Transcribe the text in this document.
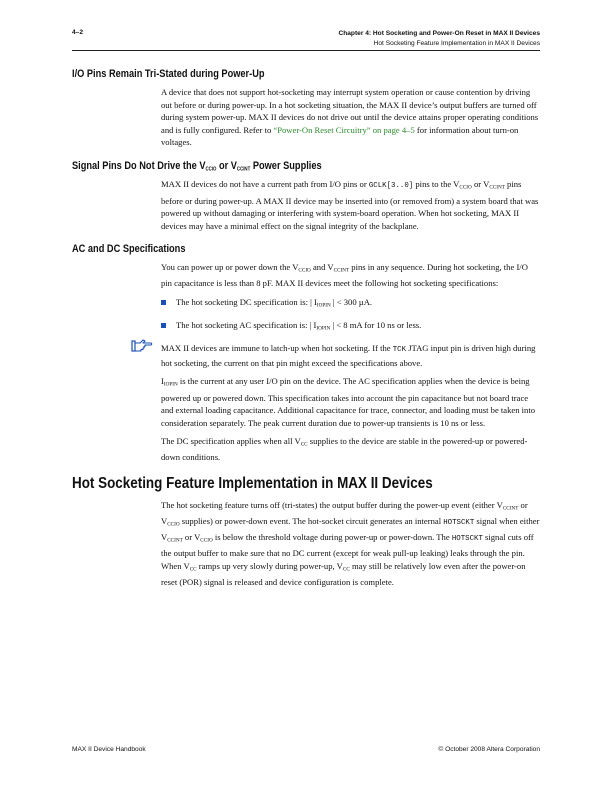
4–2	Chapter 4: Hot Socketing and Power-On Reset in MAX II Devices
Hot Socketing Feature Implementation in MAX II Devices
I/O Pins Remain Tri-Stated during Power-Up

A device that does not support hot-socketing may interrupt system operation or cause contention by driving out before or during power-up. In a hot socketing situation, the MAX II device’s output buffers are turned off during system power-up. MAX II devices do not drive out until the device attains proper operating conditions and is fully configured. Refer to “Power-On Reset Circuitry” on page 4–5 for information about turn-on voltages.

Signal Pins Do Not Drive the VCCIO or VCCINT Power Supplies

MAX II devices do not have a current path from I/O pins or GCLK[3..0] pins to the VCCIO or VCCINT pins before or during power-up. A MAX II device may be inserted into (or removed from) a system board that was powered up without damaging or interfering with system-board operation. When hot socketing, MAX II devices may have a minimal effect on the signal integrity of the backplane.

AC and DC Specifications

You can power up or power down the VCCIO and VCCINT pins in any sequence. During hot socketing, the I/O pin capacitance is less than 8 pF. MAX II devices meet the following hot socketing specifications:

The hot socketing DC specification is: | IIOPIN | < 300 µA.
The hot socketing AC specification is: | IIOPIN | < 8 mA for 10 ns or less.

MAX II devices are immune to latch-up when hot socketing. If the TCK JTAG input pin is driven high during hot socketing, the current on that pin might exceed the specifications above.

IIOPIN is the current at any user I/O pin on the device. The AC specification applies when the device is being powered up or powered down. This specification takes into account the pin capacitance but not board trace and external loading capacitance. Additional capacitance for trace, connector, and loading must be taken into consideration separately. The peak current duration due to power-up transients is 10 ns or less.

The DC specification applies when all VCC supplies to the device are stable in the powered-up or powered-down conditions.

Hot Socketing Feature Implementation in MAX II Devices

The hot socketing feature turns off (tri-states) the output buffer during the power-up event (either VCCINT or VCCIO supplies) or power-down event. The hot-socket circuit generates an internal HOTSCKT signal when either VCCINT or VCCIO is below the threshold voltage during power-up or power-down. The HOTSCKT signal cuts off the output buffer to make sure that no DC current (except for weak pull-up leaking) leaks through the pin. When VCC ramps up very slowly during power-up, VCC may still be relatively low even after the power-on reset (POR) signal is released and device configuration is complete.

MAX II Device Handbook	© October 2008 Altera Corporation
